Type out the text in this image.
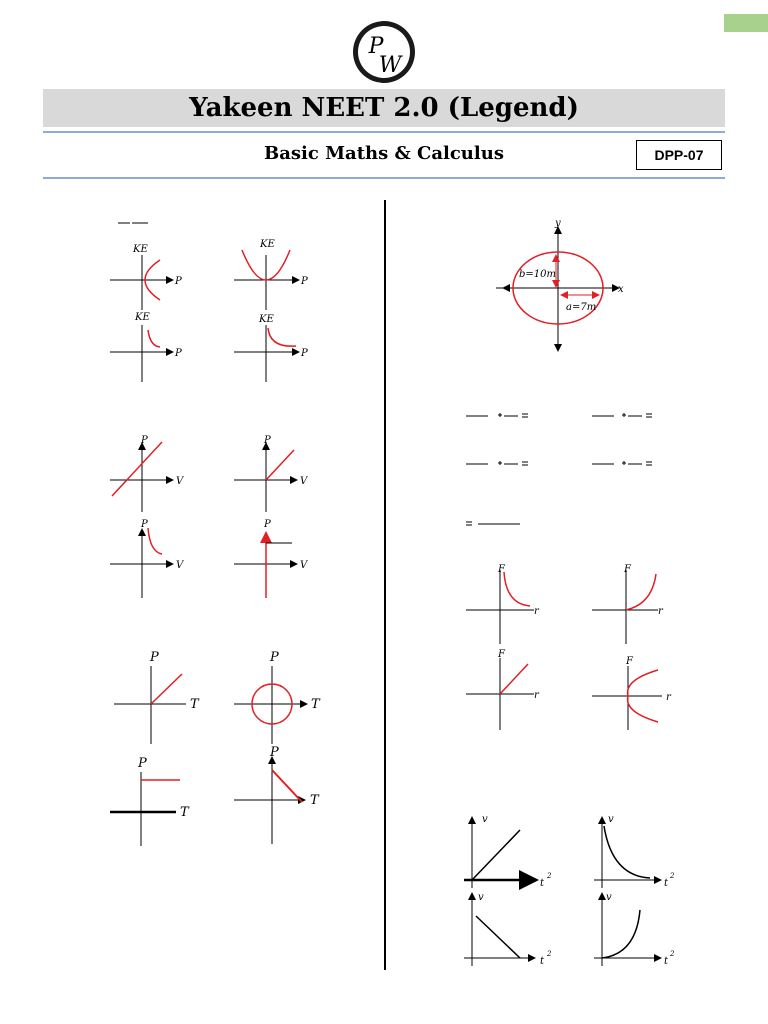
P
W
Yakeen NEET 2.0 (Legend)
Basic Maths & Calculus	DPP-07
KE
P
KE
P
KE
P
KE
P
P
V
P
V
P
V
P
V
P
T
P
T
P
T
P
T
y
x
b=10m
a=7m
F
r
F
r
F
r
F
r
v
t
2
v
t
2
v
t
2
v
t
2
